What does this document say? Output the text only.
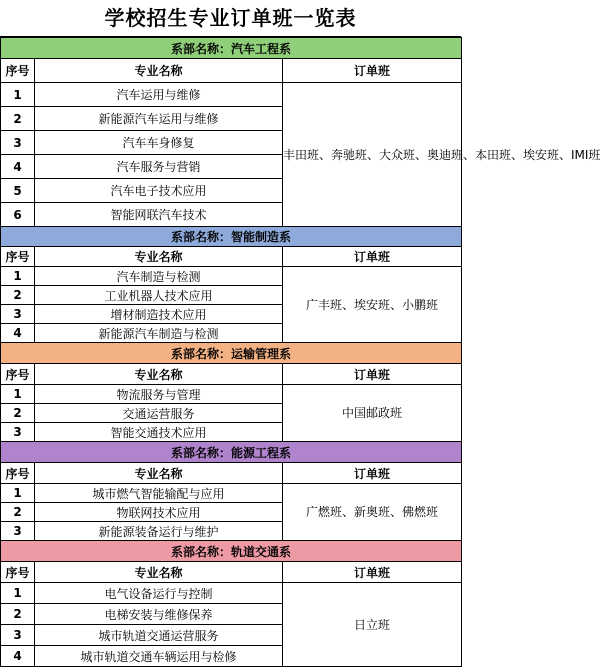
学校招生专业订单班一览表
系部名称：汽车工程系		
序号	专业名称	订单班
1	汽车运用与维修	丰田班、奔驰班、大众班、奥迪班、本田班、埃安班、IMI班
2	新能源汽车运用与维修	
3	汽车车身修复	
4	汽车服务与营销	
5	汽车电子技术应用	
6	智能网联汽车技术	
系部名称：智能制造系		
序号	专业名称	订单班
1	汽车制造与检测	广丰班、埃安班、小鹏班
2	工业机器人技术应用	
3	增材制造技术应用	
4	新能源汽车制造与检测	
系部名称：运输管理系		
序号	专业名称	订单班
1	物流服务与管理	中国邮政班
2	交通运营服务	
3	智能交通技术应用	
系部名称：能源工程系		
序号	专业名称	订单班
1	城市燃气智能输配与应用	广燃班、新奥班、佛燃班
2	物联网技术应用	
3	新能源装备运行与维护	
系部名称：轨道交通系		
序号	专业名称	订单班
1	电气设备运行与控制	日立班
2	电梯安装与维修保养	
3	城市轨道交通运营服务	
4	城市轨道交通车辆运用与检修	
